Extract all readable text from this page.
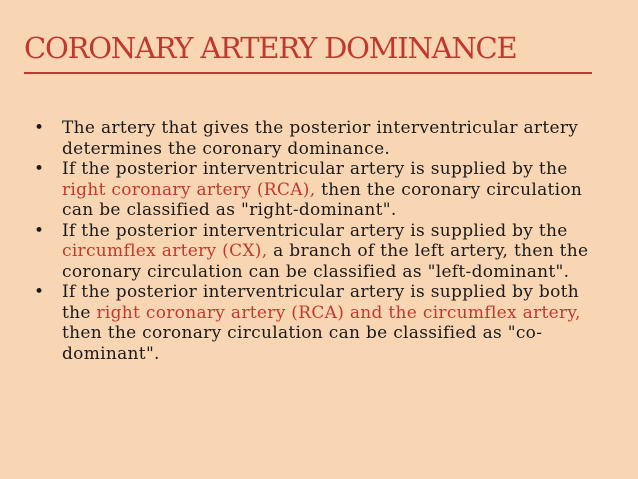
CORONARY ARTERY DOMINANCE
• The artery that gives the posterior interventricular artery determines the coronary dominance.
• If the posterior interventricular artery is supplied by the right coronary artery (RCA), then the coronary circulation can be classified as "right-dominant".
• If the posterior interventricular artery is supplied by the circumflex artery (CX), a branch of the left artery, then the coronary circulation can be classified as "left-dominant".
• If the posterior interventricular artery is supplied by both the right coronary artery (RCA) and the circumflex artery, then the coronary circulation can be classified as "co-dominant".
